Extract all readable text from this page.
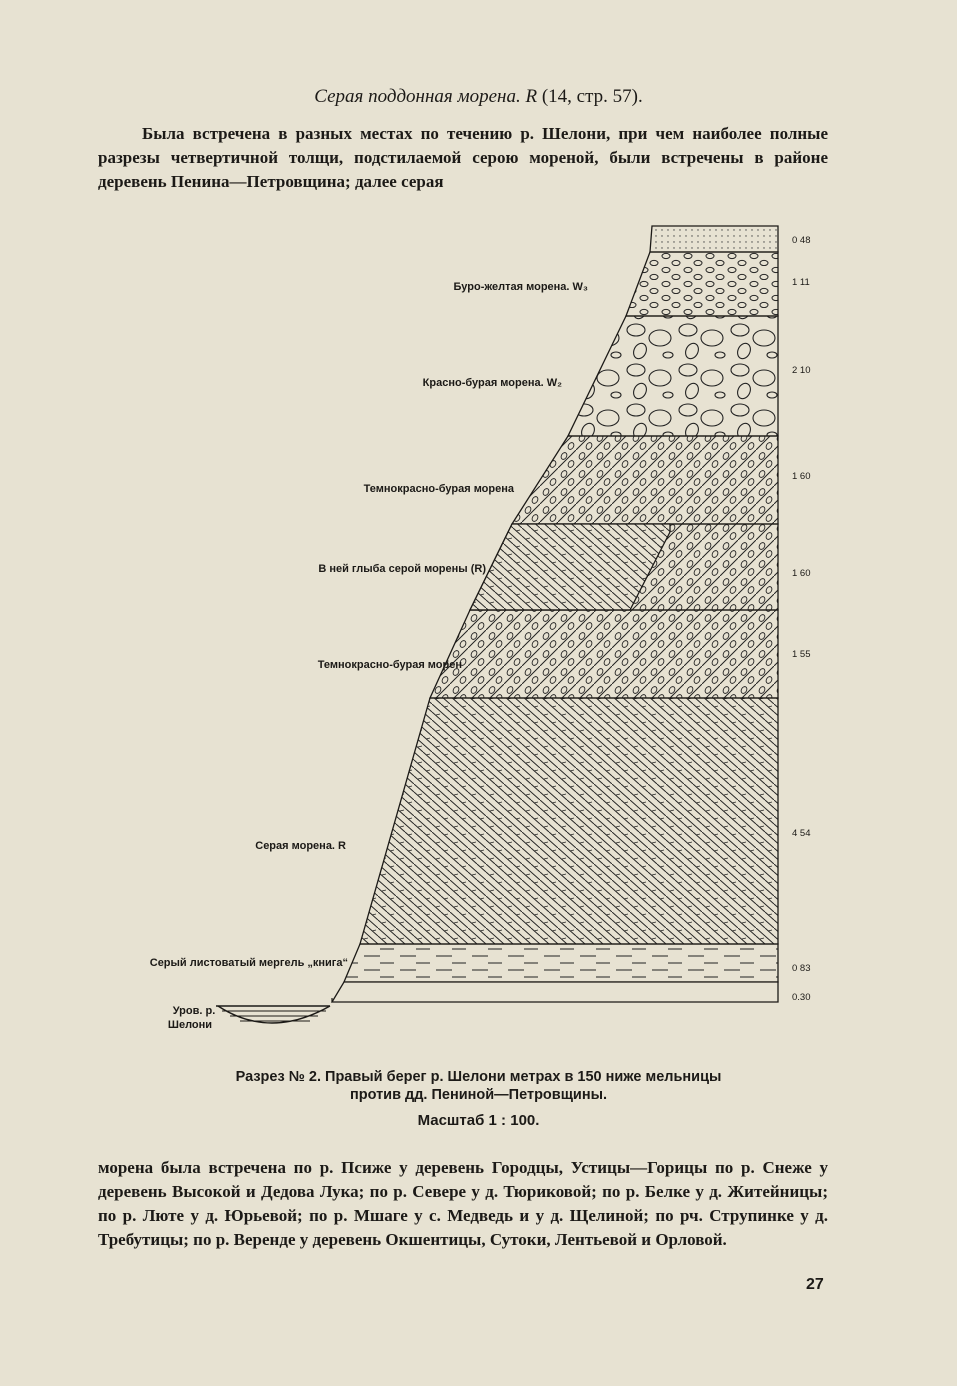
Серая поддонная морена. R (14, стр. 57).
Была встречена в разных местах по течению р. Шелони, при чем наиболее полные разрезы четвертичной толщи, подстилаемой серою мореной, были встречены в районе деревень Пенина—Петровщина; далее серая
Буро-желтая морена. W₃
Красно-бурая морена. W₂
Темнокрасно-бурая морена
В ней глыба серой морены (R)
Темнокрасно-бурая морен
Серая морена. R
Серый листоватый мергель „книга“
Уров. р.
Шелони
0 48
1 11
2 10
1 60
1 60
1 55
4 54
0 83
0.30
Разрез № 2. Правый берег р. Шелони метрах в 150 ниже мельницы
против дд. Пениной—Петровщины.
Масштаб 1 : 100.
морена была встречена по р. Псиже у деревень Городцы, Устицы—Горицы по р. Снеже у деревень Высокой и Дедова Лука; по р. Севере у д. Тюриковой; по р. Белке у д. Житейницы; по р. Люте у д. Юрьевой; по р. Мшаге у с. Медведь и у д. Щелиной; по рч. Струпинке у д. Требутицы; по р. Веренде у деревень Окшентицы, Сутоки, Лентьевой и Орловой.
27
